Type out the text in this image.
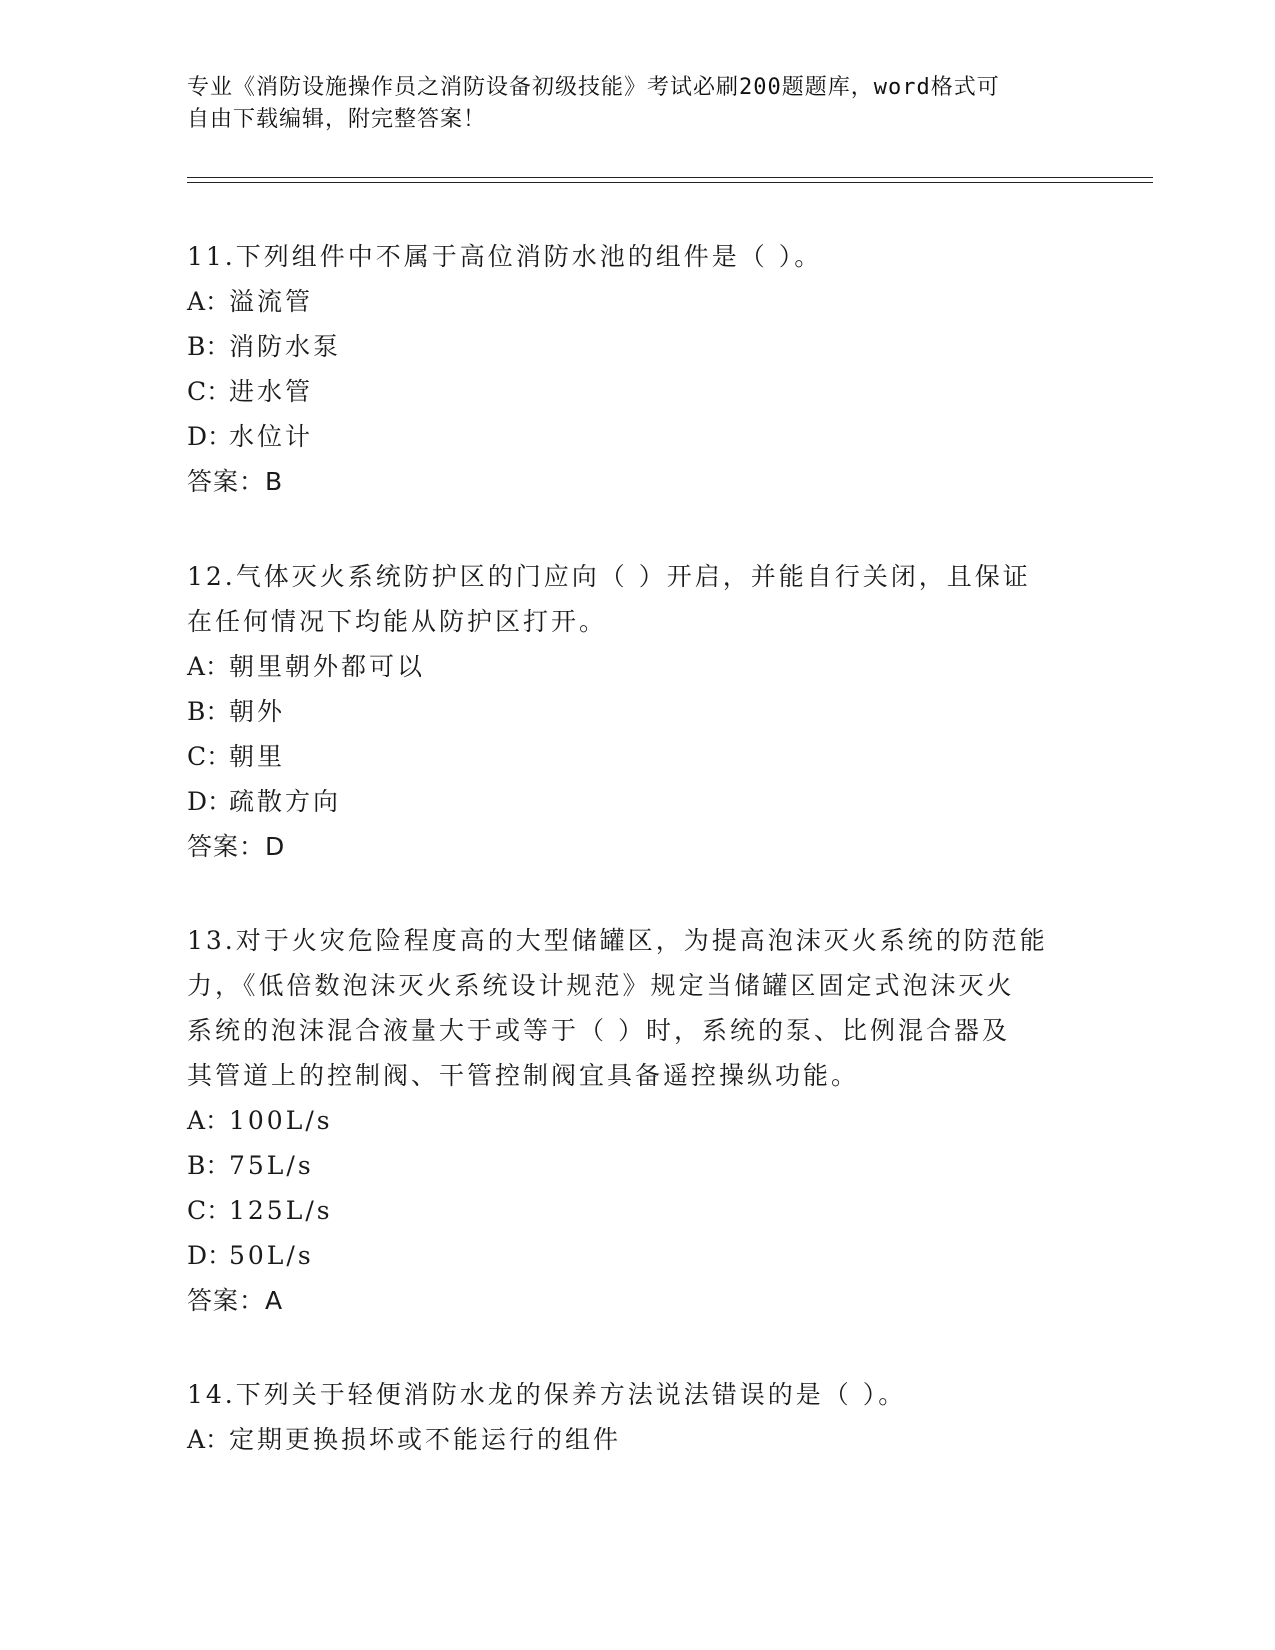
专业《消防设施操作员之消防设备初级技能》考试必刷200题题库，word格式可
自由下载编辑，附完整答案！

11.下列组件中不属于高位消防水池的组件是（ ）。

A：溢流管

B：消防水泵

C：进水管

D：水位计

答案：B

12.气体灭火系统防护区的门应向（ ）开启，并能自行关闭，且保证

在任何情况下均能从防护区打开。

A：朝里朝外都可以

B：朝外

C：朝里

D：疏散方向

答案：D

13.对于火灾危险程度高的大型储罐区，为提高泡沫灭火系统的防范能

力，《低倍数泡沫灭火系统设计规范》规定当储罐区固定式泡沫灭火

系统的泡沫混合液量大于或等于（ ）时，系统的泵、比例混合器及

其管道上的控制阀、干管控制阀宜具备遥控操纵功能。

A：100L/s

B：75L/s

C：125L/s

D：50L/s

答案：A

14.下列关于轻便消防水龙的保养方法说法错误的是（ ）。

A：定期更换损坏或不能运行的组件
